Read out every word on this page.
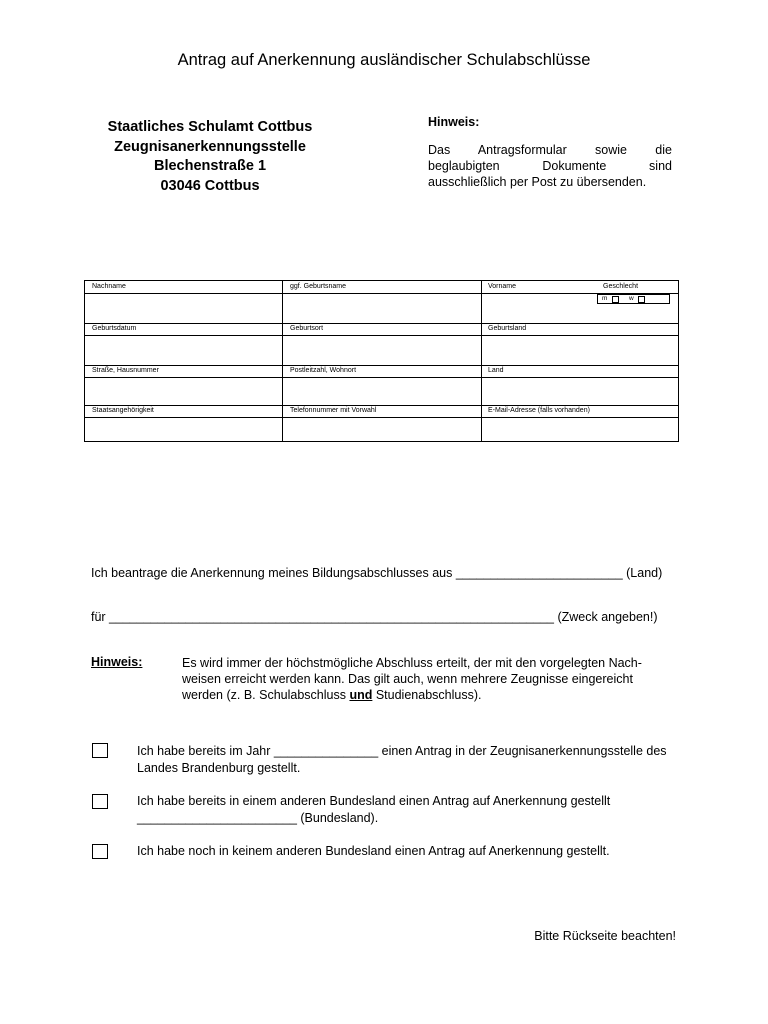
Antrag auf Anerkennung ausländischer Schulabschlüsse
Staatliches Schulamt Cottbus
Zeugnisanerkennungsstelle
Blechenstraße 1
03046 Cottbus
Hinweis:
Das Antragsformular sowie die beglaubigten Dokumente sind ausschließlich per Post zu übersenden.
Nachname	ggf. Geburtsname	Vorname	Geschlecht
m	w
Geburtsdatum	Geburtsort	Geburtsland
Straße, Hausnummer	Postleitzahl, Wohnort	Land
Staatsangehörigkeit	Telefonnummer mit Vorwahl	E-Mail-Adresse (falls vorhanden)
Ich beantrage die Anerkennung meines Bildungsabschlusses aus ________________________ (Land)
für ________________________________________________________________ (Zweck angeben!)
Hinweis:	Es wird immer der höchstmögliche Abschluss erteilt, der mit den vorgelegten Nach-
weisen erreicht werden kann. Das gilt auch, wenn mehrere Zeugnisse eingereicht
werden (z. B. Schulabschluss und Studienabschluss).
Ich habe bereits im Jahr _______________ einen Antrag in der Zeugnisanerkennungsstelle des
Landes Brandenburg gestellt.
Ich habe bereits in einem anderen Bundesland einen Antrag auf Anerkennung gestellt
_______________________ (Bundesland).
Ich habe noch in keinem anderen Bundesland einen Antrag auf Anerkennung gestellt.
Bitte Rückseite beachten!
